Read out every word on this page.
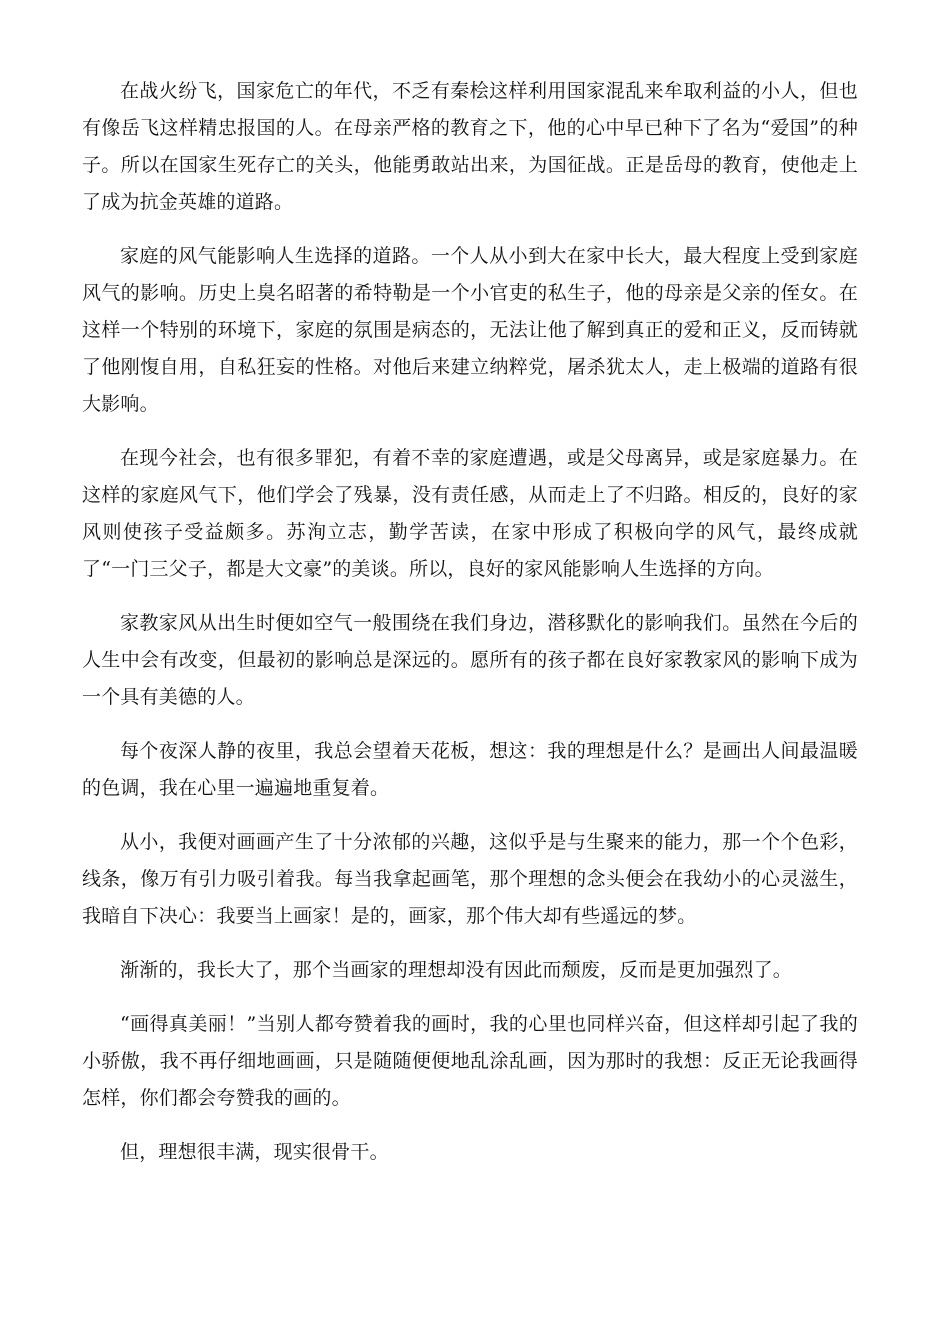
在战火纷飞，国家危亡的年代，不乏有秦桧这样利用国家混乱来牟取利益的小人，但也有像岳飞这样精忠报国的人。在母亲严格的教育之下，他的心中早已种下了名为“爱国”的种子。所以在国家生死存亡的关头，他能勇敢站出来，为国征战。正是岳母的教育，使他走上了成为抗金英雄的道路。

家庭的风气能影响人生选择的道路。一个人从小到大在家中长大，最大程度上受到家庭风气的影响。历史上臭名昭著的希特勒是一个小官吏的私生子，他的母亲是父亲的侄女。在这样一个特别的环境下，家庭的氛围是病态的，无法让他了解到真正的爱和正义，反而铸就了他刚愎自用，自私狂妄的性格。对他后来建立纳粹党，屠杀犹太人，走上极端的道路有很大影响。

在现今社会，也有很多罪犯，有着不幸的家庭遭遇，或是父母离异，或是家庭暴力。在这样的家庭风气下，他们学会了残暴，没有责任感，从而走上了不归路。相反的，良好的家风则使孩子受益颇多。苏洵立志，勤学苦读，在家中形成了积极向学的风气，最终成就了“一门三父子，都是大文豪”的美谈。所以，良好的家风能影响人生选择的方向。

家教家风从出生时便如空气一般围绕在我们身边，潜移默化的影响我们。虽然在今后的人生中会有改变，但最初的影响总是深远的。愿所有的孩子都在良好家教家风的影响下成为一个具有美德的人。

每个夜深人静的夜里，我总会望着天花板，想这：我的理想是什么？是画出人间最温暖的色调，我在心里一遍遍地重复着。

从小，我便对画画产生了十分浓郁的兴趣，这似乎是与生聚来的能力，那一个个色彩，线条，像万有引力吸引着我。每当我拿起画笔，那个理想的念头便会在我幼小的心灵滋生，我暗自下决心：我要当上画家！是的，画家，那个伟大却有些遥远的梦。

渐渐的，我长大了，那个当画家的理想却没有因此而颓废，反而是更加强烈了。

“画得真美丽！”当别人都夸赞着我的画时，我的心里也同样兴奋，但这样却引起了我的小骄傲，我不再仔细地画画，只是随随便便地乱涂乱画，因为那时的我想：反正无论我画得怎样，你们都会夸赞我的画的。

但，理想很丰满，现实很骨干。
